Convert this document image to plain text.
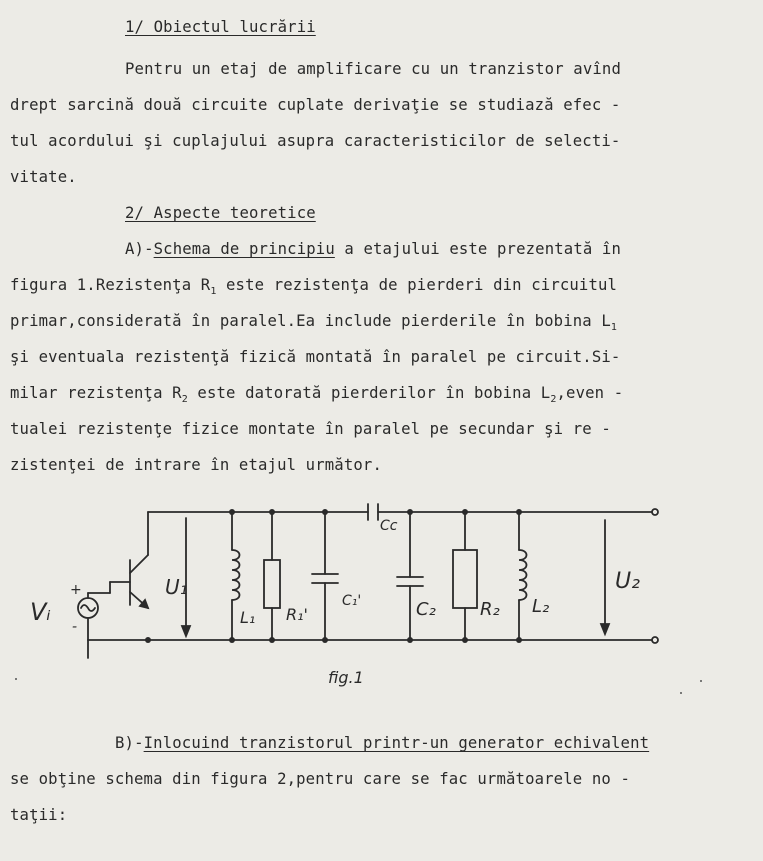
1/ Obiectul lucrării
Pentru un etaj de amplificare cu un tranzistor avînd
drept sarcină două circuite cuplate derivaţie se studiază efec -
tul acordului şi cuplajului asupra caracteristicilor de selecti-
vitate.
2/ Aspecte teoretice
A)-Schema de principiu a etajului este prezentată în
figura 1.Rezistenţa $R_1$ este rezistenţa de pierderi din circuitul
primar,considerată în paralel.Ea include pierderile în bobina $L_1$
şi eventuala rezistenţă fizică montată în paralel pe circuit.Si-
milar rezistenţa $R_2$ este datorată pierderilor în bobina $L_2,even$ -
tualei rezistenţe fizice montate în paralel pe secundar şi re -
zistenţei de intrare în etajul următor.
Vᵢ
+
-
U₁
L₁ R₁'
C₁'
Cc
C₂ R₂ L₂
U₂
fig.1
B)-Inlocuind tranzistorul printr-un generator echivalent
se obţine schema din figura 2,pentru care se fac următoarele no -
taţii:
